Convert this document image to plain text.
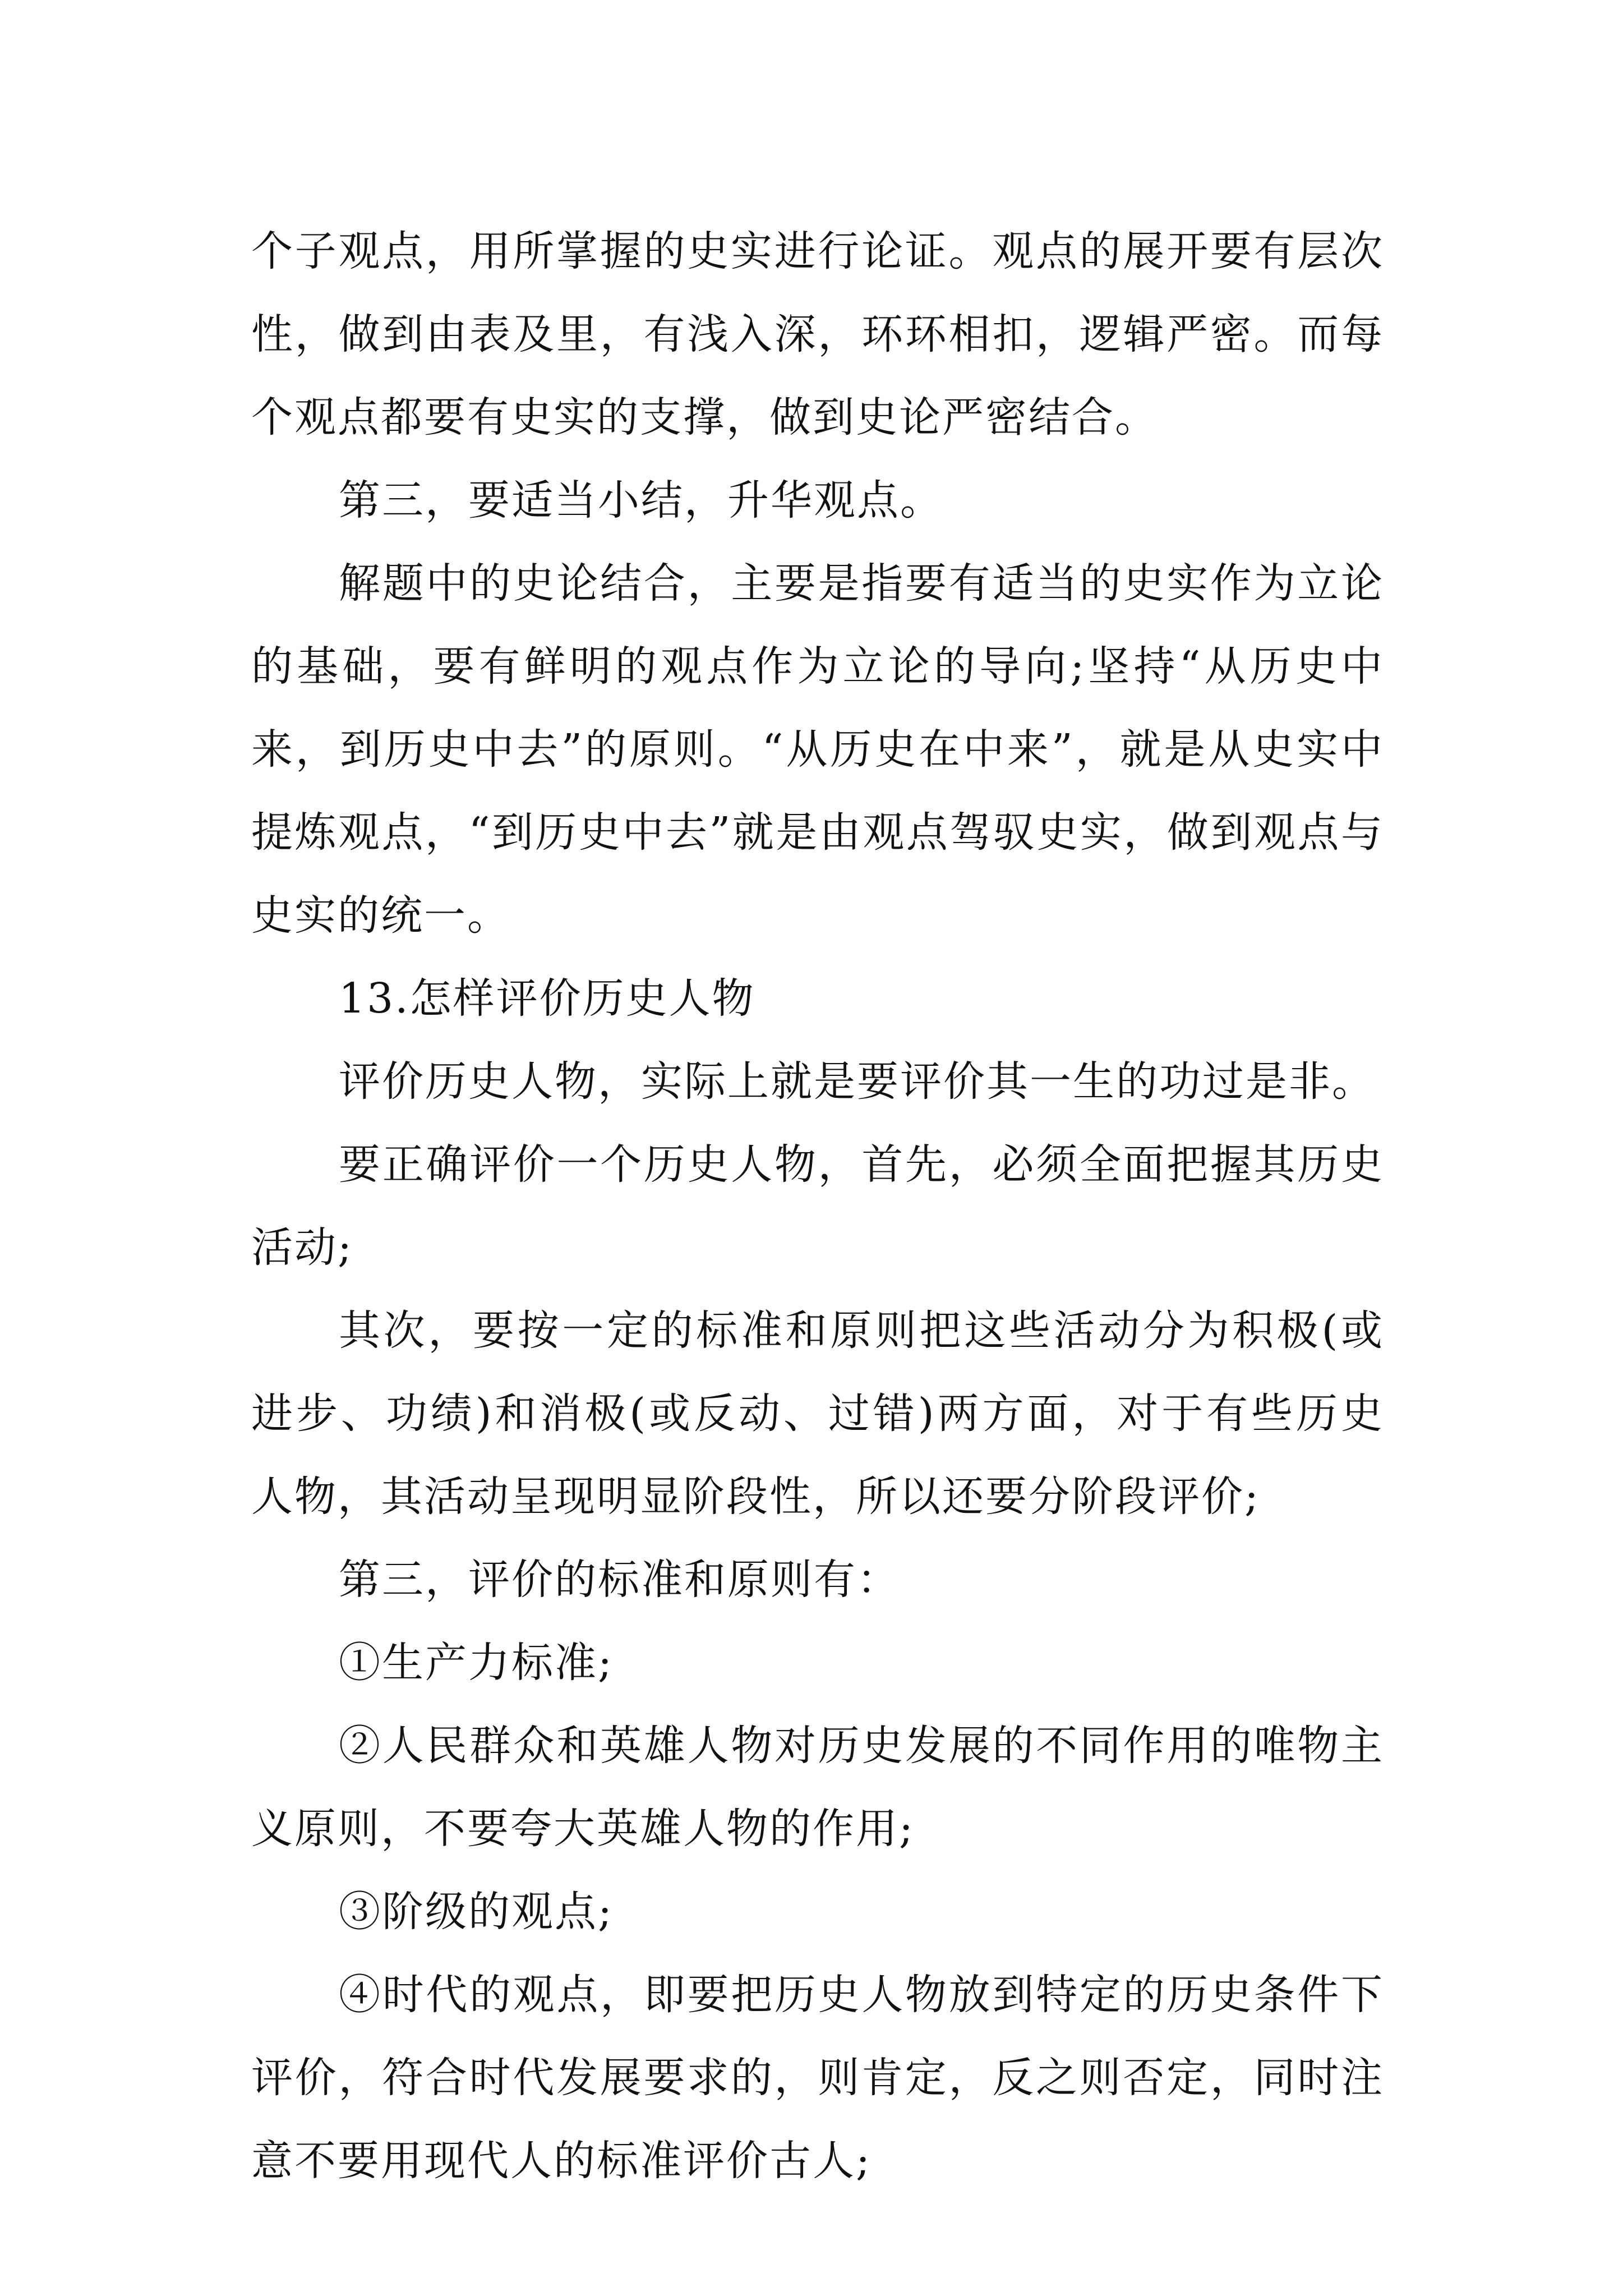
个子观点，用所掌握的史实进行论证。观点的展开要有层次性，做到由表及里，有浅入深，环环相扣，逻辑严密。而每个观点都要有史实的支撑，做到史论严密结合。

第三，要适当小结，升华观点。

解题中的史论结合，主要是指要有适当的史实作为立论的基础，要有鲜明的观点作为立论的导向;坚持“从历史中来，到历史中去”的原则。“从历史在中来”，就是从史实中提炼观点，“到历史中去”就是由观点驾驭史实，做到观点与史实的统一。

13.怎样评价历史人物

评价历史人物，实际上就是要评价其一生的功过是非。

要正确评价一个历史人物，首先，必须全面把握其历史活动;

其次，要按一定的标准和原则把这些活动分为积极(或进步、功绩)和消极(或反动、过错)两方面，对于有些历史人物，其活动呈现明显阶段性，所以还要分阶段评价;

第三，评价的标准和原则有：

①生产力标准;

②人民群众和英雄人物对历史发展的不同作用的唯物主义原则，不要夸大英雄人物的作用;

③阶级的观点;

④时代的观点，即要把历史人物放到特定的历史条件下评价，符合时代发展要求的，则肯定，反之则否定，同时注意不要用现代人的标准评价古人;
